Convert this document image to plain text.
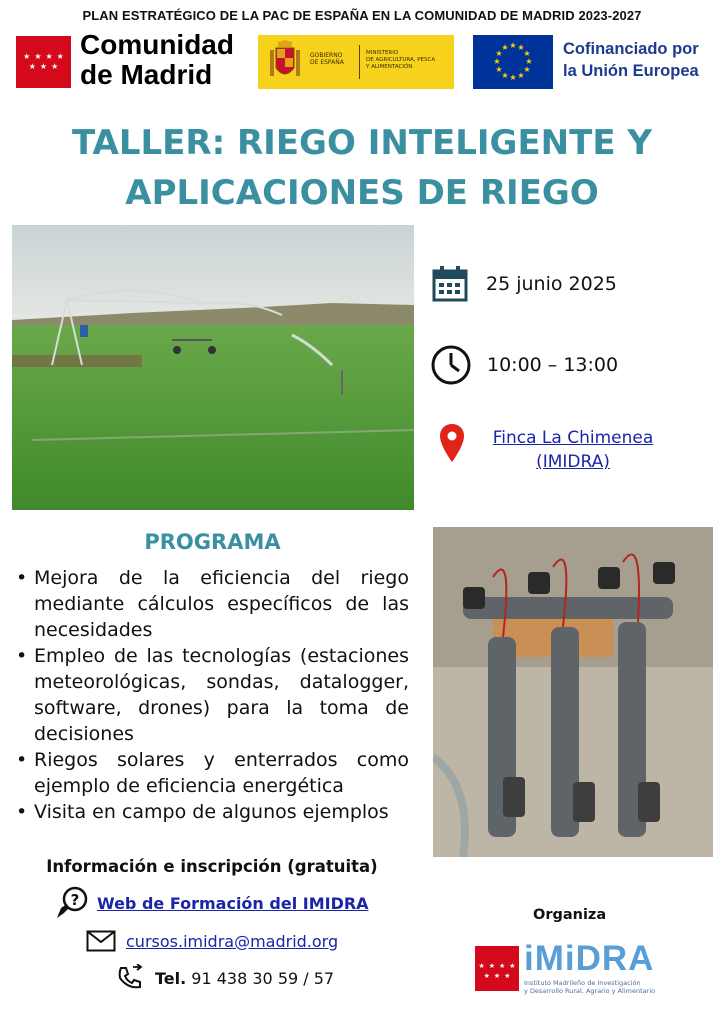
PLAN ESTRATÉGICO DE LA PAC DE ESPAÑA EN LA COMUNIDAD DE MADRID 2023-2027
★ ★ ★ ★
★ ★ ★
Comunidad
de Madrid
GOBIERNO
DE ESPAÑA
MINISTERIO
DE AGRICULTURA, PESCA
Y ALIMENTACIÓN
★ ★
★
★
★
★
★
★
★
★
★
★	Cofinanciado por
la Unión Europea
TALLER: RIEGO INTELIGENTE Y
APLICACIONES DE RIEGO
25 junio 2025
10:00 – 13:00
Finca La Chimenea
(IMIDRA)
PROGRAMA
• Mejora de la eficiencia del riego mediante cálculos específicos de las necesidades
• Empleo de las tecnologías (estaciones meteorológicas, sondas, datalogger, software, drones) para la toma de decisiones
• Riegos solares y enterrados como ejemplo de eficiencia energética
• Visita en campo de algunos ejemplos
Información e inscripción (gratuita)
? Web de Formación del IMIDRA
cursos.imidra@madrid.org
Tel. 91 438 30 59 / 57
Organiza
★ ★ ★ ★
★ ★ ★ iMiDRA
Instituto Madrileño de Investigación
y Desarrollo Rural, Agrario y Alimentario
